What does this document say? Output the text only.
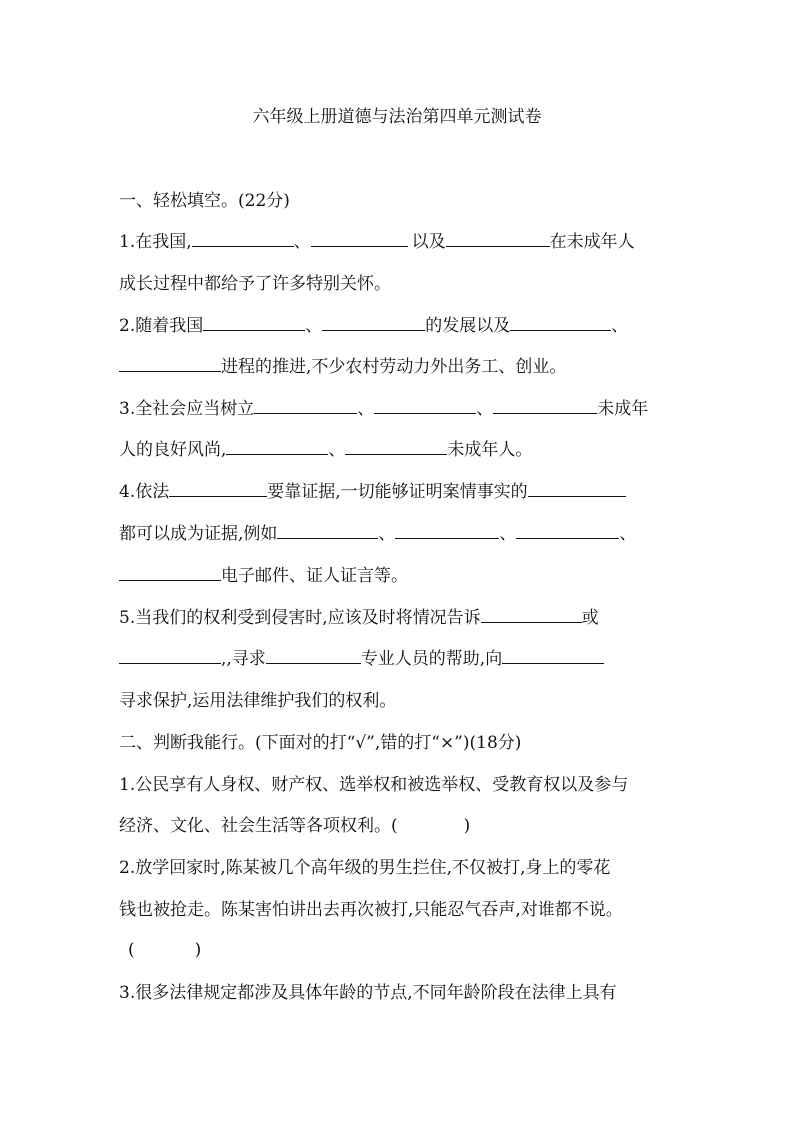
六年级上册道德与法治第四单元测试卷
一、轻松填空。(22分)
1.在我国,	、	以及	在未成年人
成长过程中都给予了许多特别关怀。
2.随着我国	、	的发展以及	、
进程的推进,不少农村劳动力外出务工、创业。
3.全社会应当树立	、	、	未成年
人的良好风尚,	、	未成年人。
4.依法	要靠证据,一切能够证明案情事实的
都可以成为证据,例如	、	、	、
电子邮件、证人证言等。
5.当我们的权利受到侵害时,应该及时将情况告诉	或
,,寻求	专业人员的帮助,向
寻求保护,运用法律维护我们的权利。
二、判断我能行。(下面对的打“√”,错的打“×”)(18分)
1.公民享有人身权、财产权、选举权和被选举权、受教育权以及参与
经济、文化、社会生活等各项权利。(	)
2.放学回家时,陈某被几个高年级的男生拦住,不仅被打,身上的零花
钱也被抢走。陈某害怕讲出去再次被打,只能忍气吞声,对谁都不说。
(	)
3.很多法律规定都涉及具体年龄的节点,不同年龄阶段在法律上具有
